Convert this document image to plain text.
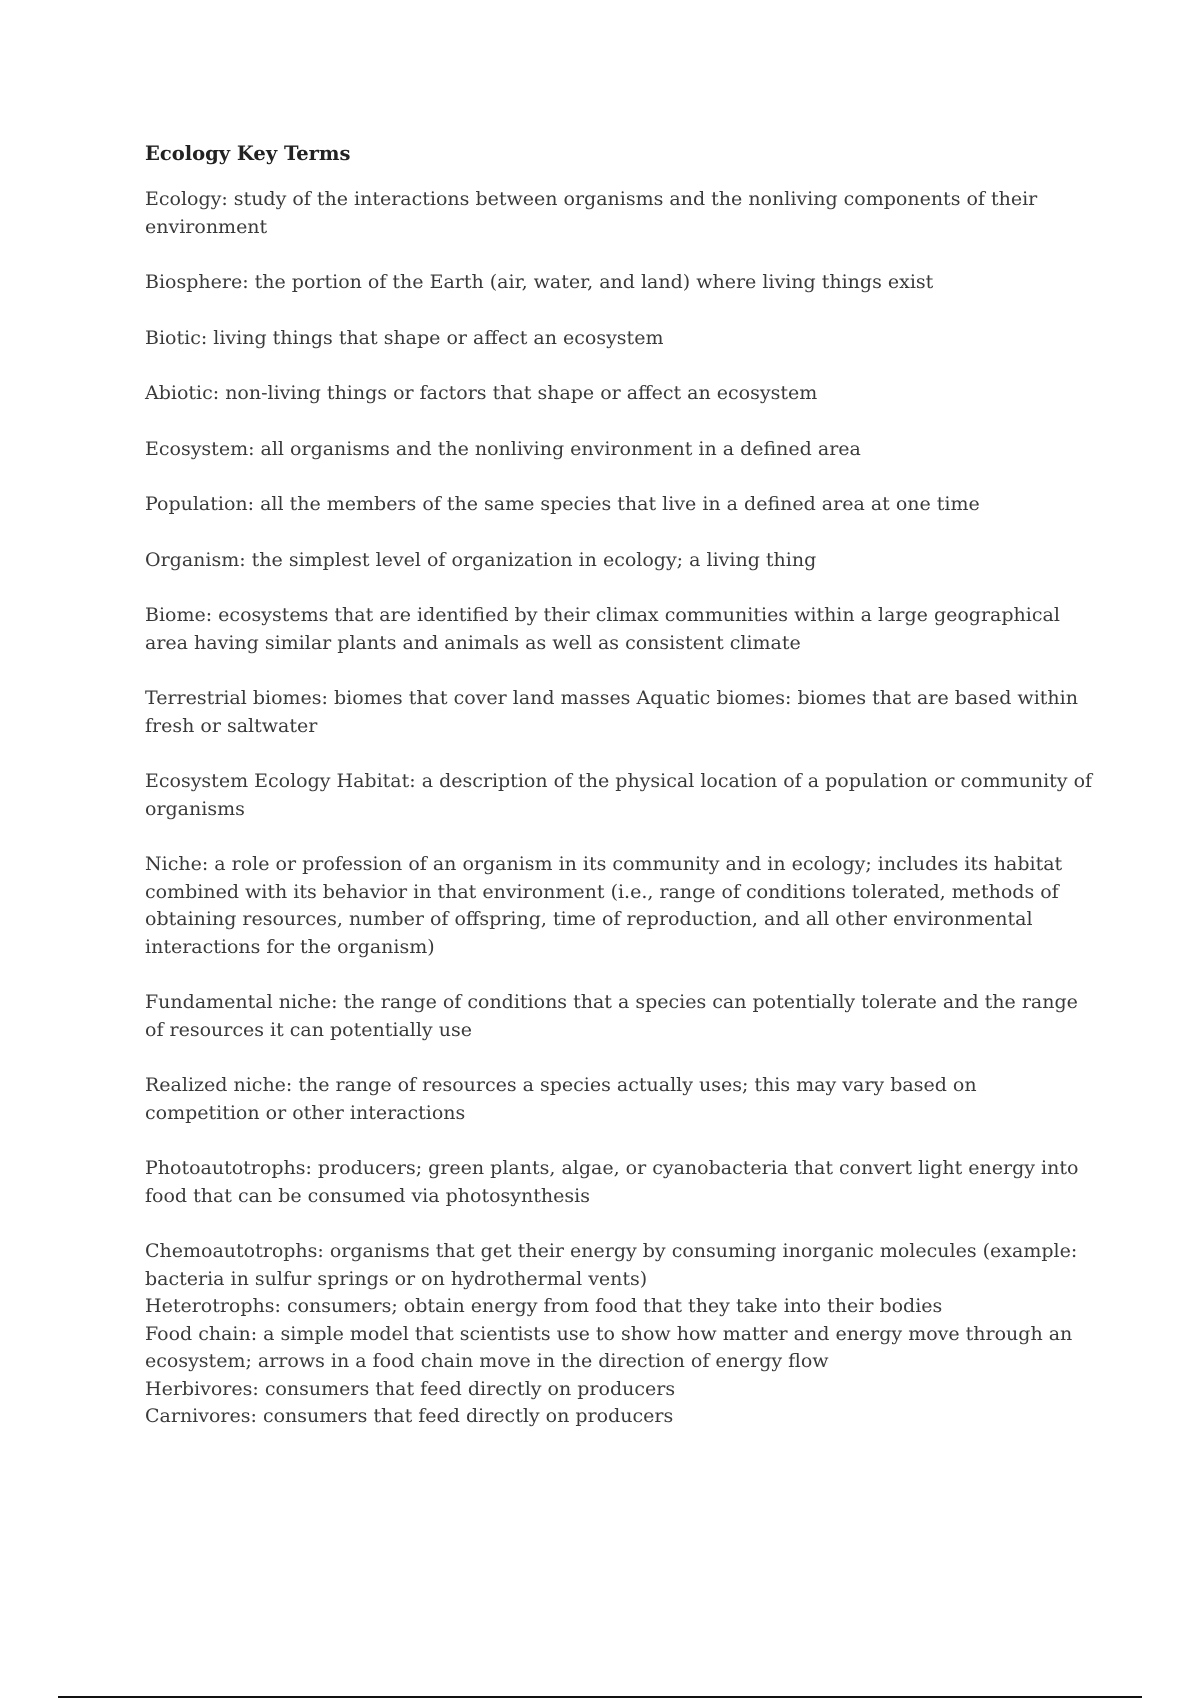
Ecology Key Terms

Ecology: study of the interactions between organisms and the nonliving components of their environment

Biosphere: the portion of the Earth (air, water, and land) where living things exist

Biotic: living things that shape or affect an ecosystem

Abiotic: non-living things or factors that shape or affect an ecosystem

Ecosystem: all organisms and the nonliving environment in a defined area

Population: all the members of the same species that live in a defined area at one time

Organism: the simplest level of organization in ecology; a living thing

Biome: ecosystems that are identified by their climax communities within a large geographical area having similar plants and animals as well as consistent climate

Terrestrial biomes: biomes that cover land masses Aquatic biomes: biomes that are based within fresh or saltwater

Ecosystem Ecology Habitat: a description of the physical location of a population or community of organisms

Niche: a role or profession of an organism in its community and in ecology; includes its habitat combined with its behavior in that environment (i.e., range of conditions tolerated, methods of obtaining resources, number of offspring, time of reproduction, and all other environmental interactions for the organism)

Fundamental niche: the range of conditions that a species can potentially tolerate and the range of resources it can potentially use

Realized niche: the range of resources a species actually uses; this may vary based on competition or other interactions

Photoautotrophs: producers; green plants, algae, or cyanobacteria that convert light energy into food that can be consumed via photosynthesis

Chemoautotrophs: organisms that get their energy by consuming inorganic molecules (example: bacteria in sulfur springs or on hydrothermal vents)

Heterotrophs: consumers; obtain energy from food that they take into their bodies

Food chain: a simple model that scientists use to show how matter and energy move through an ecosystem; arrows in a food chain move in the direction of energy flow

Herbivores: consumers that feed directly on producers

Carnivores: consumers that feed directly on producers
